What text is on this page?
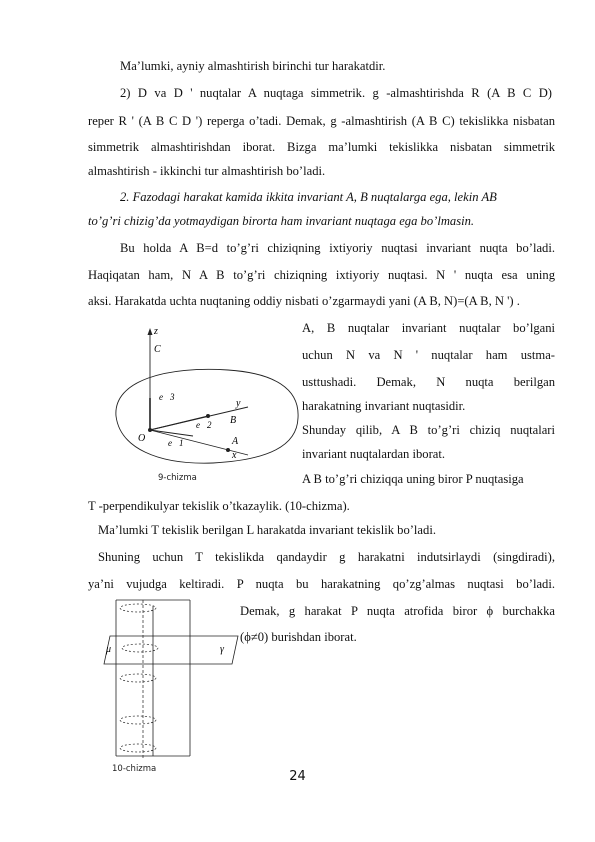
Ma’lumki, ayniy almashtirish birinchi tur harakatdir.
2) D va D ' nuqtalar A nuqtaga simmetrik. g -almashtirishda R (A B C D)
reper R ' (A B C D ') reperga o’tadi. Demak, g -almashtirish (A B C) tekislikka nisbatan
simmetrik almashtirishdan iborat. Bizga ma’lumki tekislikka nisbatan simmetrik
almashtirish - ikkinchi tur almashtirish bo’ladi.
2. Fazodagi harakat kamida ikkita invariant A, B nuqtalarga ega, lekin AB
to’g’ri chizig’da yotmaydigan birorta ham invariant nuqtaga ega bo’lmasin.
Bu holda A B=d to’g’ri chiziqning ixtiyoriy nuqtasi invariant nuqta bo’ladi.
Haqiqatan ham, N A B to’g’ri chiziqning ixtiyoriy nuqtasi. N ' nuqta esa uning
aksi. Harakatda uchta nuqtaning oddiy nisbati o’zgarmaydi yani (A B, N)=(A B, N ') .
A, B nuqtalar invariant nuqtalar bo’lgani
uchun N va N ' nuqtalar ham ustma-
usttushadi. Demak, N nuqta berilgan
harakatning invariant nuqtasidir.
Shunday qilib, A B to’g’ri chiziq nuqtalari
invariant nuqtalardan iborat.
A B to’g’ri chiziqqa uning biror P nuqtasiga
T -perpendikulyar tekislik o’tkazaylik. (10-chizma).
Ma’lumki T tekislik berilgan L harakatda invariant tekislik bo’ladi.
Shuning uchun T tekislikda qandaydir g harakatni indutsirlaydi (singdiradi),
ya’ni vujudga keltiradi. P nuqta bu harakatning qo’zg’almas nuqtasi bo’ladi.
Demak, g harakat P nuqta atrofida biror ϕ burchakka
(ϕ≠0) burishdan iborat.
z
C
e⃗3
e⃗2
e⃗1
y
B
O	A
x
9-chizma
μ	γ
10-chizma	24
